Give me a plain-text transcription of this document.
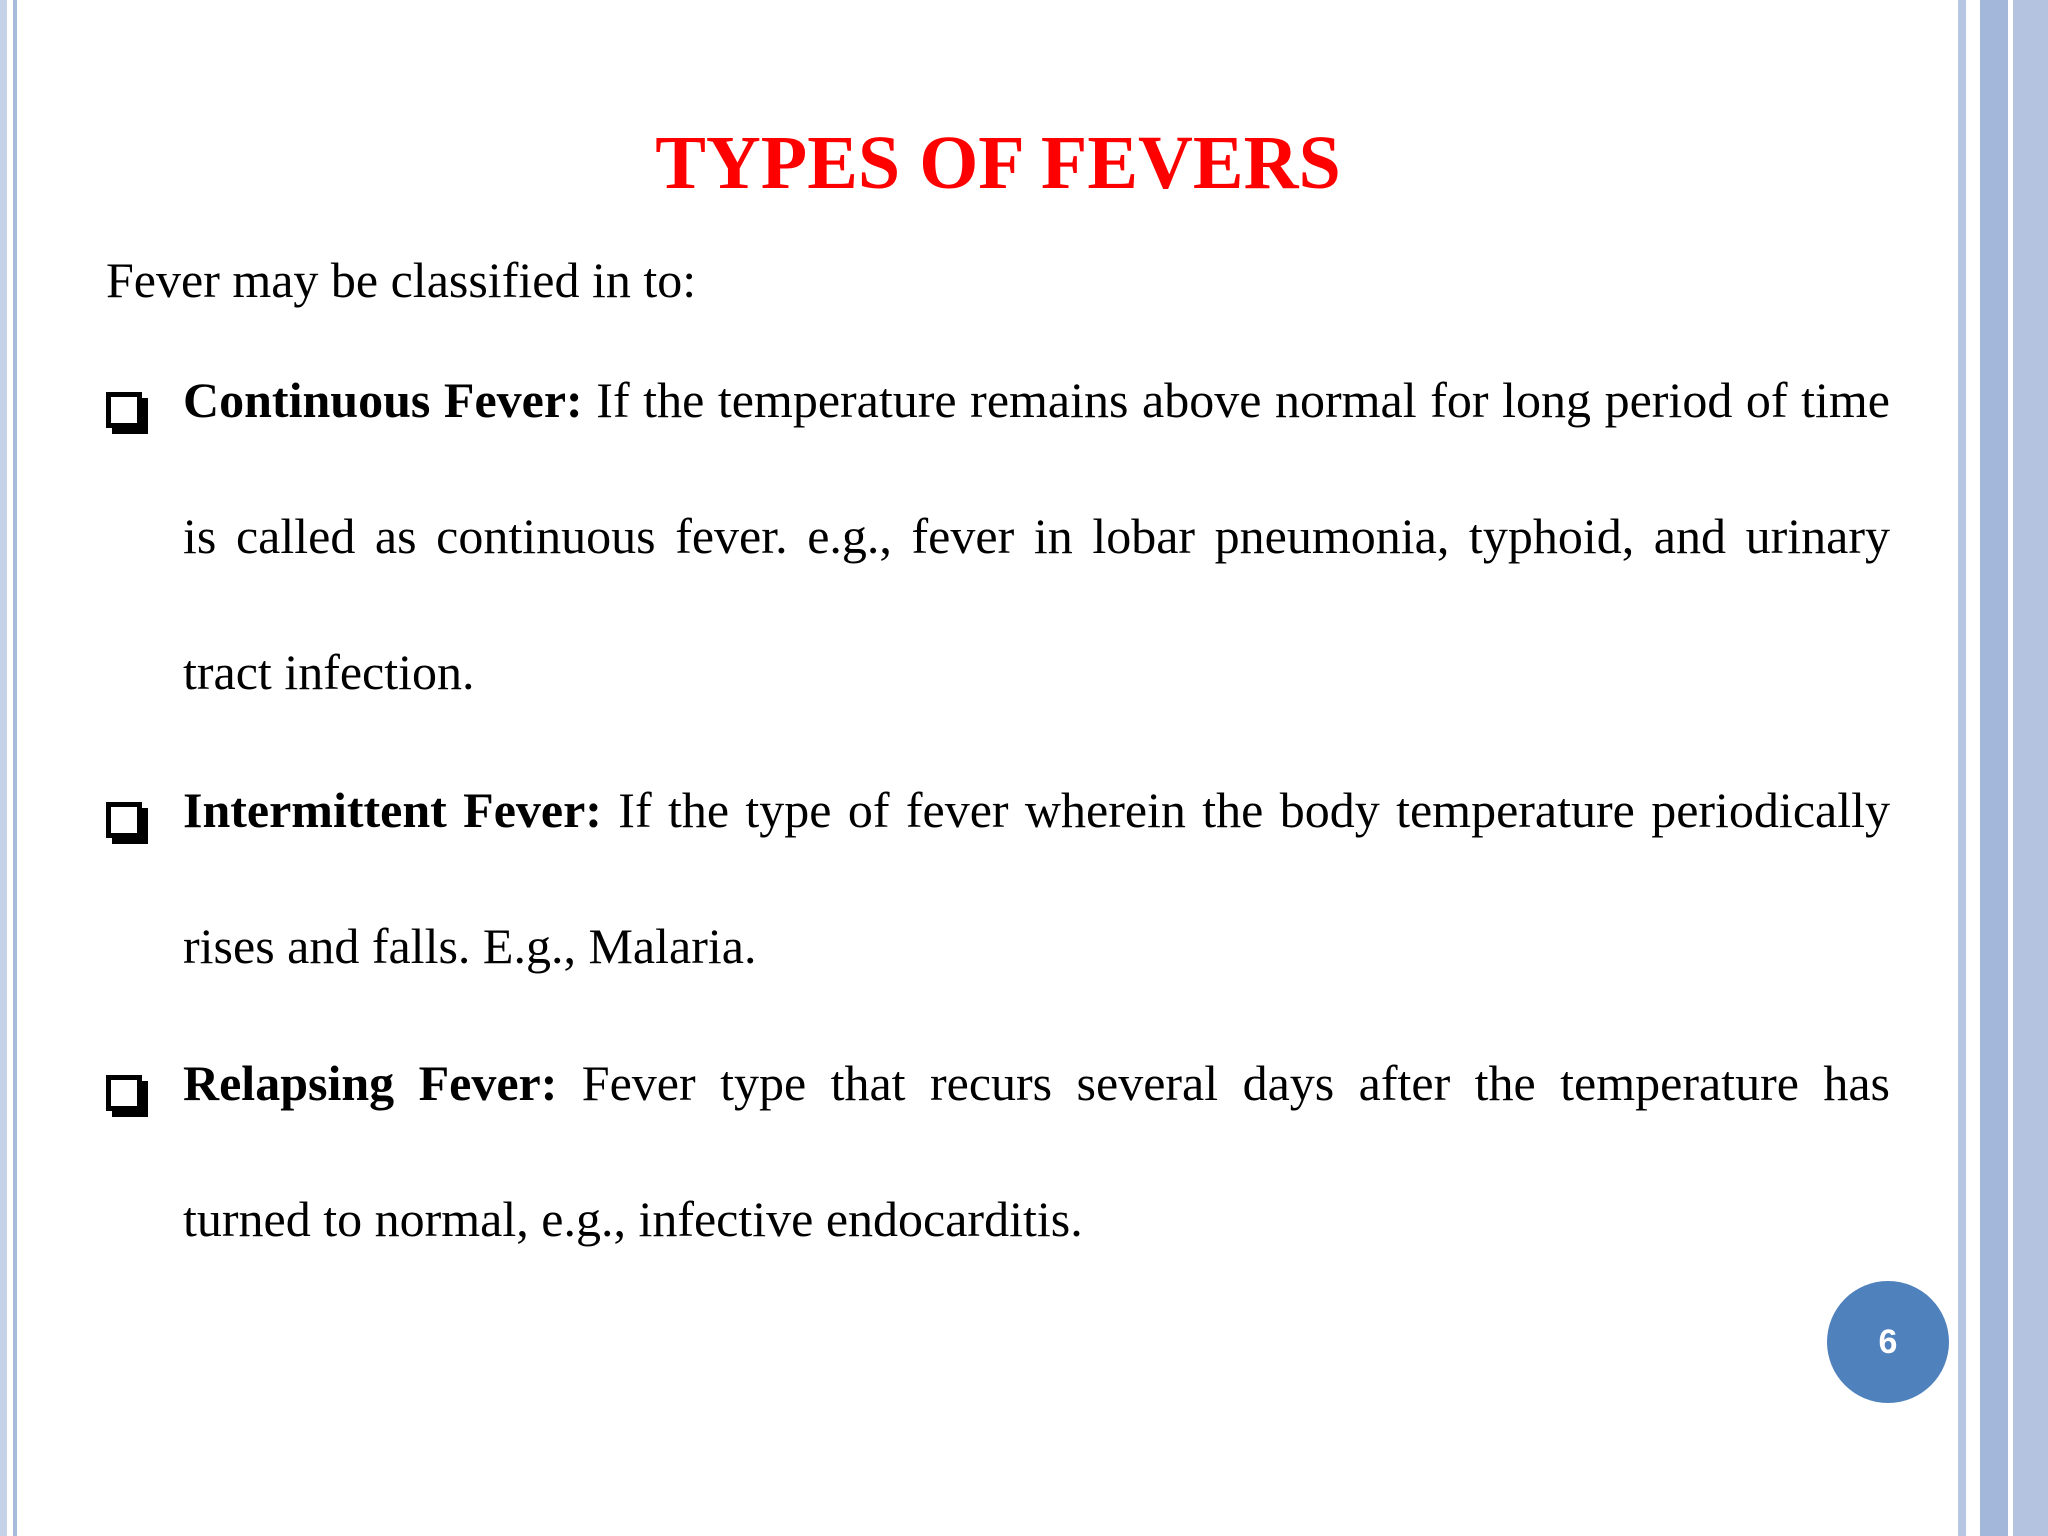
TYPES OF FEVERS
Fever may be classified in to:
Continuous Fever: If the temperature remains above normal for long period of time is called as continuous fever. e.g., fever in lobar pneumonia, typhoid, and urinary tract infection.
Intermittent Fever: If the type of fever wherein the body temperature periodically rises and falls. E.g., Malaria.
Relapsing Fever: Fever type that recurs several days after the temperature has turned to normal, e.g., infective endocarditis.
6
